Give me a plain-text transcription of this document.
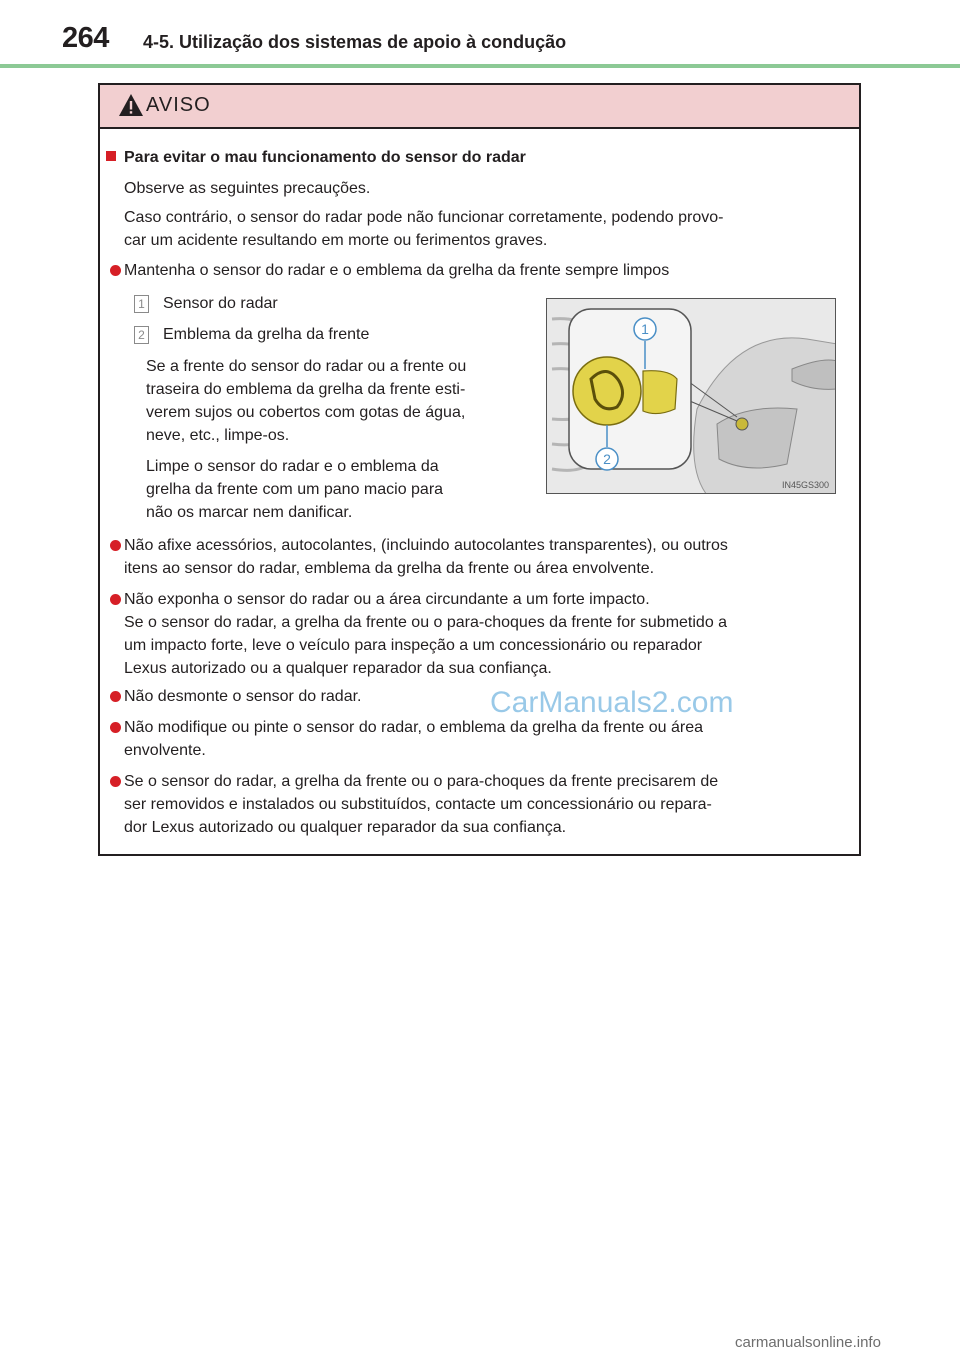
264 4-5. Utilização dos sistemas de apoio à condução
AVISO
Para evitar o mau funcionamento do sensor do radar
Observe as seguintes precauções.
Caso contrário, o sensor do radar pode não funcionar corretamente, podendo provo-
car um acidente resultando em morte ou ferimentos graves.
Mantenha o sensor do radar e o emblema da grelha da frente sempre limpos
1 Sensor do radar
2 Emblema da grelha da frente
Se a frente do sensor do radar ou a frente ou
traseira do emblema da grelha da frente esti-
verem sujos ou cobertos com gotas de água,
neve, etc., limpe-os.
Limpe o sensor do radar e o emblema da
grelha da frente com um pano macio para
não os marcar nem danificar.
1
2
IN45GS300
Não afixe acessórios, autocolantes, (incluindo autocolantes transparentes), ou outros
itens ao sensor do radar, emblema da grelha da frente ou área envolvente.
Não exponha o sensor do radar ou a área circundante a um forte impacto.
Se o sensor do radar, a grelha da frente ou o para-choques da frente for submetido a
um impacto forte, leve o veículo para inspeção a um concessionário ou reparador
Lexus autorizado ou a qualquer reparador da sua confiança.
Não desmonte o sensor do radar.
Não modifique ou pinte o sensor do radar, o emblema da grelha da frente ou área
envolvente.
Se o sensor do radar, a grelha da frente ou o para-choques da frente precisarem de
ser removidos e instalados ou substituídos, contacte um concessionário ou repara-
dor Lexus autorizado ou qualquer reparador da sua confiança.
CarManuals2.com
carmanualsonline.info
